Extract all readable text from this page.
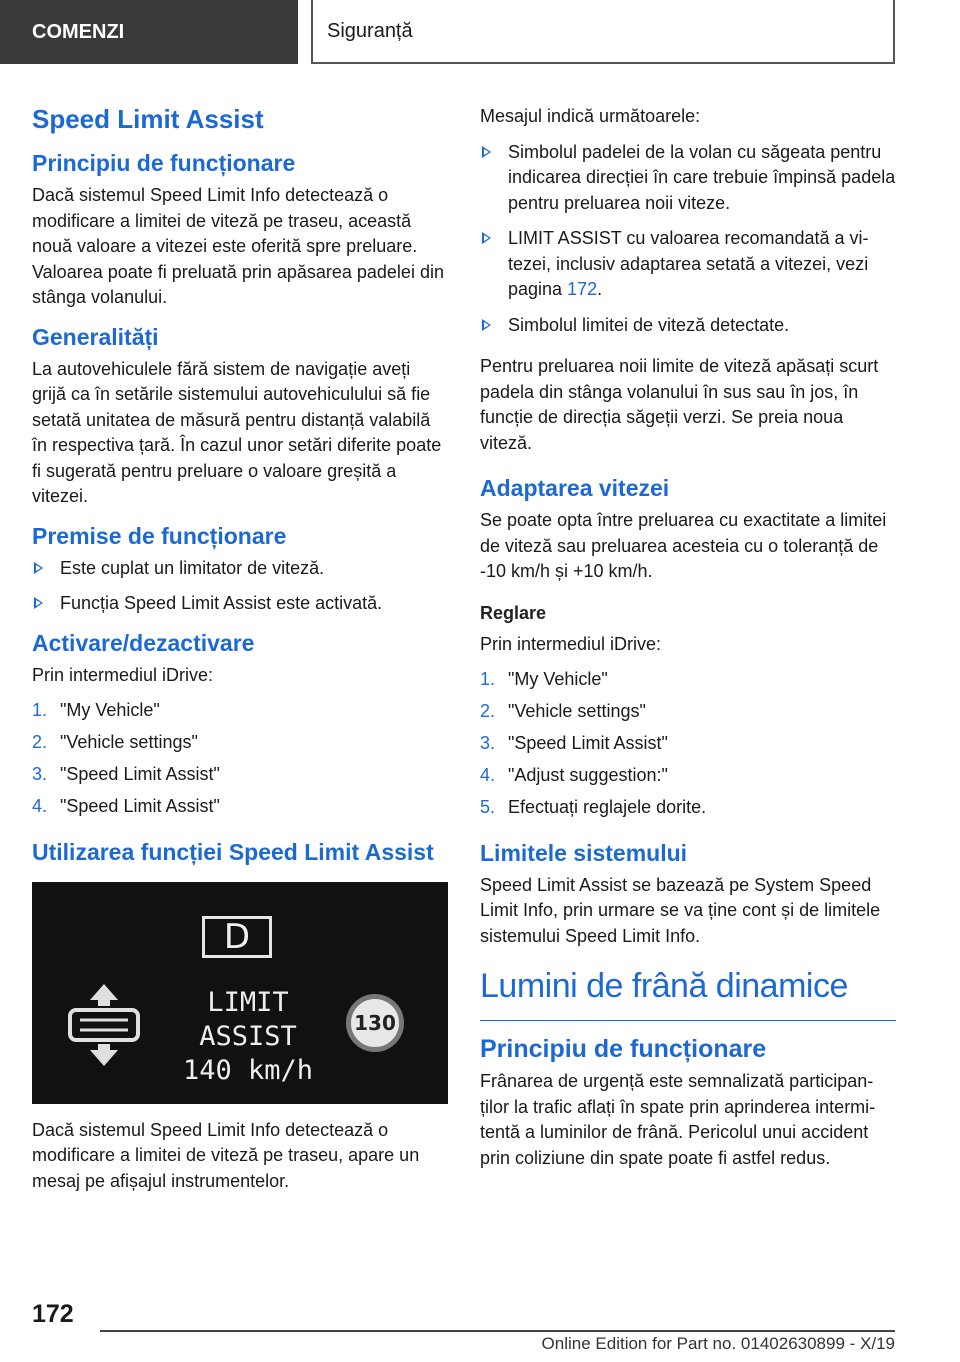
COMENZI	Siguranță
Speed Limit Assist
Principiu de funcționare

Dacă sistemul Speed Limit Info detectează o modificare a limitei de viteză pe traseu, această nouă valoare a vitezei este oferită spre preluare. Valoarea poate fi preluată prin apăsarea padelei din stânga volanului.

Generalități

La autovehiculele fără sistem de navigație aveți grijă ca în setările sistemului autovehiculului să fie setată unitatea de măsură pentru distanță valabilă în respectiva țară. În cazul unor setări diferite poate fi sugerată pentru preluare o valoare greșită a vitezei.

Premise de funcționare
Este cuplat un limitator de viteză.
Funcția Speed Limit Assist este activată.
Activare/dezactivare

Prin intermediul iDrive:

1. "My Vehicle"
2. "Vehicle settings"
3. "Speed Limit Assist"
4. "Speed Limit Assist"
Utilizarea funcției Speed Limit Assist
D
LIMIT ASSIST
140 km/h
130

Dacă sistemul Speed Limit Info detectează o modificare a limitei de viteză pe traseu, apare un mesaj pe afișajul instrumentelor.

Mesajul indică următoarele:

Simbolul padelei de la volan cu săgeata pentru indicarea direcției în care trebuie împinsă padela pentru preluarea noii viteze.
LIMIT ASSIST cu valoarea recomandată a vitezei, inclusiv adaptarea setată a vitezei, vezi pagina 172.
Simbolul limitei de viteză detectate.

Pentru preluarea noii limite de viteză apăsați scurt padela din stânga volanului în sus sau în jos, în funcție de direcția săgeții verzi. Se preia noua viteză.

Adaptarea vitezei

Se poate opta între preluarea cu exactitate a limitei de viteză sau preluarea acesteia cu o toleranță de -10 km/h și +10 km/h.

Reglare

Prin intermediul iDrive:

1. "My Vehicle"
2. "Vehicle settings"
3. "Speed Limit Assist"
4. "Adjust suggestion:"
5. Efectuați reglajele dorite.
Limitele sistemului

Speed Limit Assist se bazează pe System Speed Limit Info, prin urmare se va ține cont și de limitele sistemului Speed Limit Info.

Lumini de frână dinamice
Principiu de funcționare

Frânarea de urgență este semnalizată participanților la trafic aflați în spate prin aprinderea intermitentă a luminilor de frână. Pericolul unui accident prin coliziune din spate poate fi astfel redus.

172
Online Edition for Part no. 01402630899 - X/19
